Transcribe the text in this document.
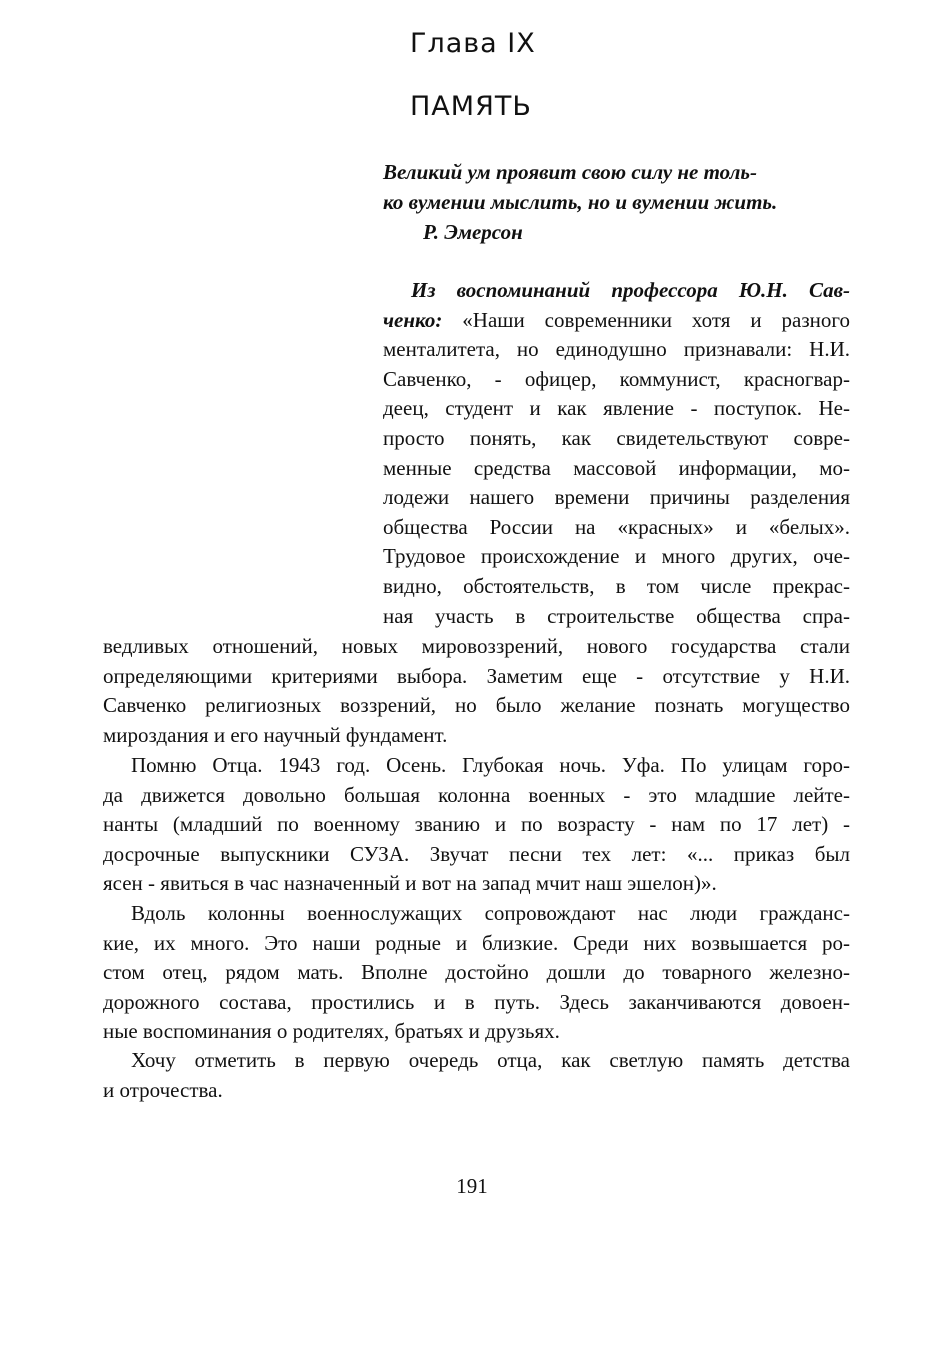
Глава IX
ПАМЯТЬ
Великий ум проявит свою силу не толь-
ко вумении мыслить, но и вумении жить.
Р. Эмерсон
Из воспоминаний профессора Ю.Н. Сав-
ченко: «Наши современники хотя и разного
менталитета, но единодушно признавали: Н.И.
Савченко, - офицер, коммунист, красногвар-
деец, студент и как явление - поступок. Не-
просто понять, как свидетельствуют совре-
менные средства массовой информации, мо-
лодежи нашего времени причины разделения
общества России на «красных» и «белых».
Трудовое происхождение и много других, оче-
видно, обстоятельств, в том числе прекрас-
ная участь в строительстве общества спра-
ведливых отношений, новых мировоззрений, нового государства стали
определяющими критериями выбора. Заметим еще - отсутствие у Н.И.
Савченко религиозных воззрений, но было желание познать могущество
мироздания и его научный фундамент.
Помню Отца. 1943 год. Осень. Глубокая ночь. Уфа. По улицам горо-
да движется довольно большая колонна военных - это младшие лейте-
нанты (младший по военному званию и по возрасту - нам по 17 лет) -
досрочные выпускники СУЗА. Звучат песни тех лет: «... приказ был
ясен - явиться в час назначенный и вот на запад мчит наш эшелон)».
Вдоль колонны военнослужащих сопровождают нас люди гражданс-
кие, их много. Это наши родные и близкие. Среди них возвышается ро-
стом отец, рядом мать. Вполне достойно дошли до товарного железно-
дорожного состава, простились и в путь. Здесь заканчиваются довоен-
ные воспоминания о родителях, братьях и друзьях.
Хочу отметить в первую очередь отца, как светлую память детства
и отрочества.
191
